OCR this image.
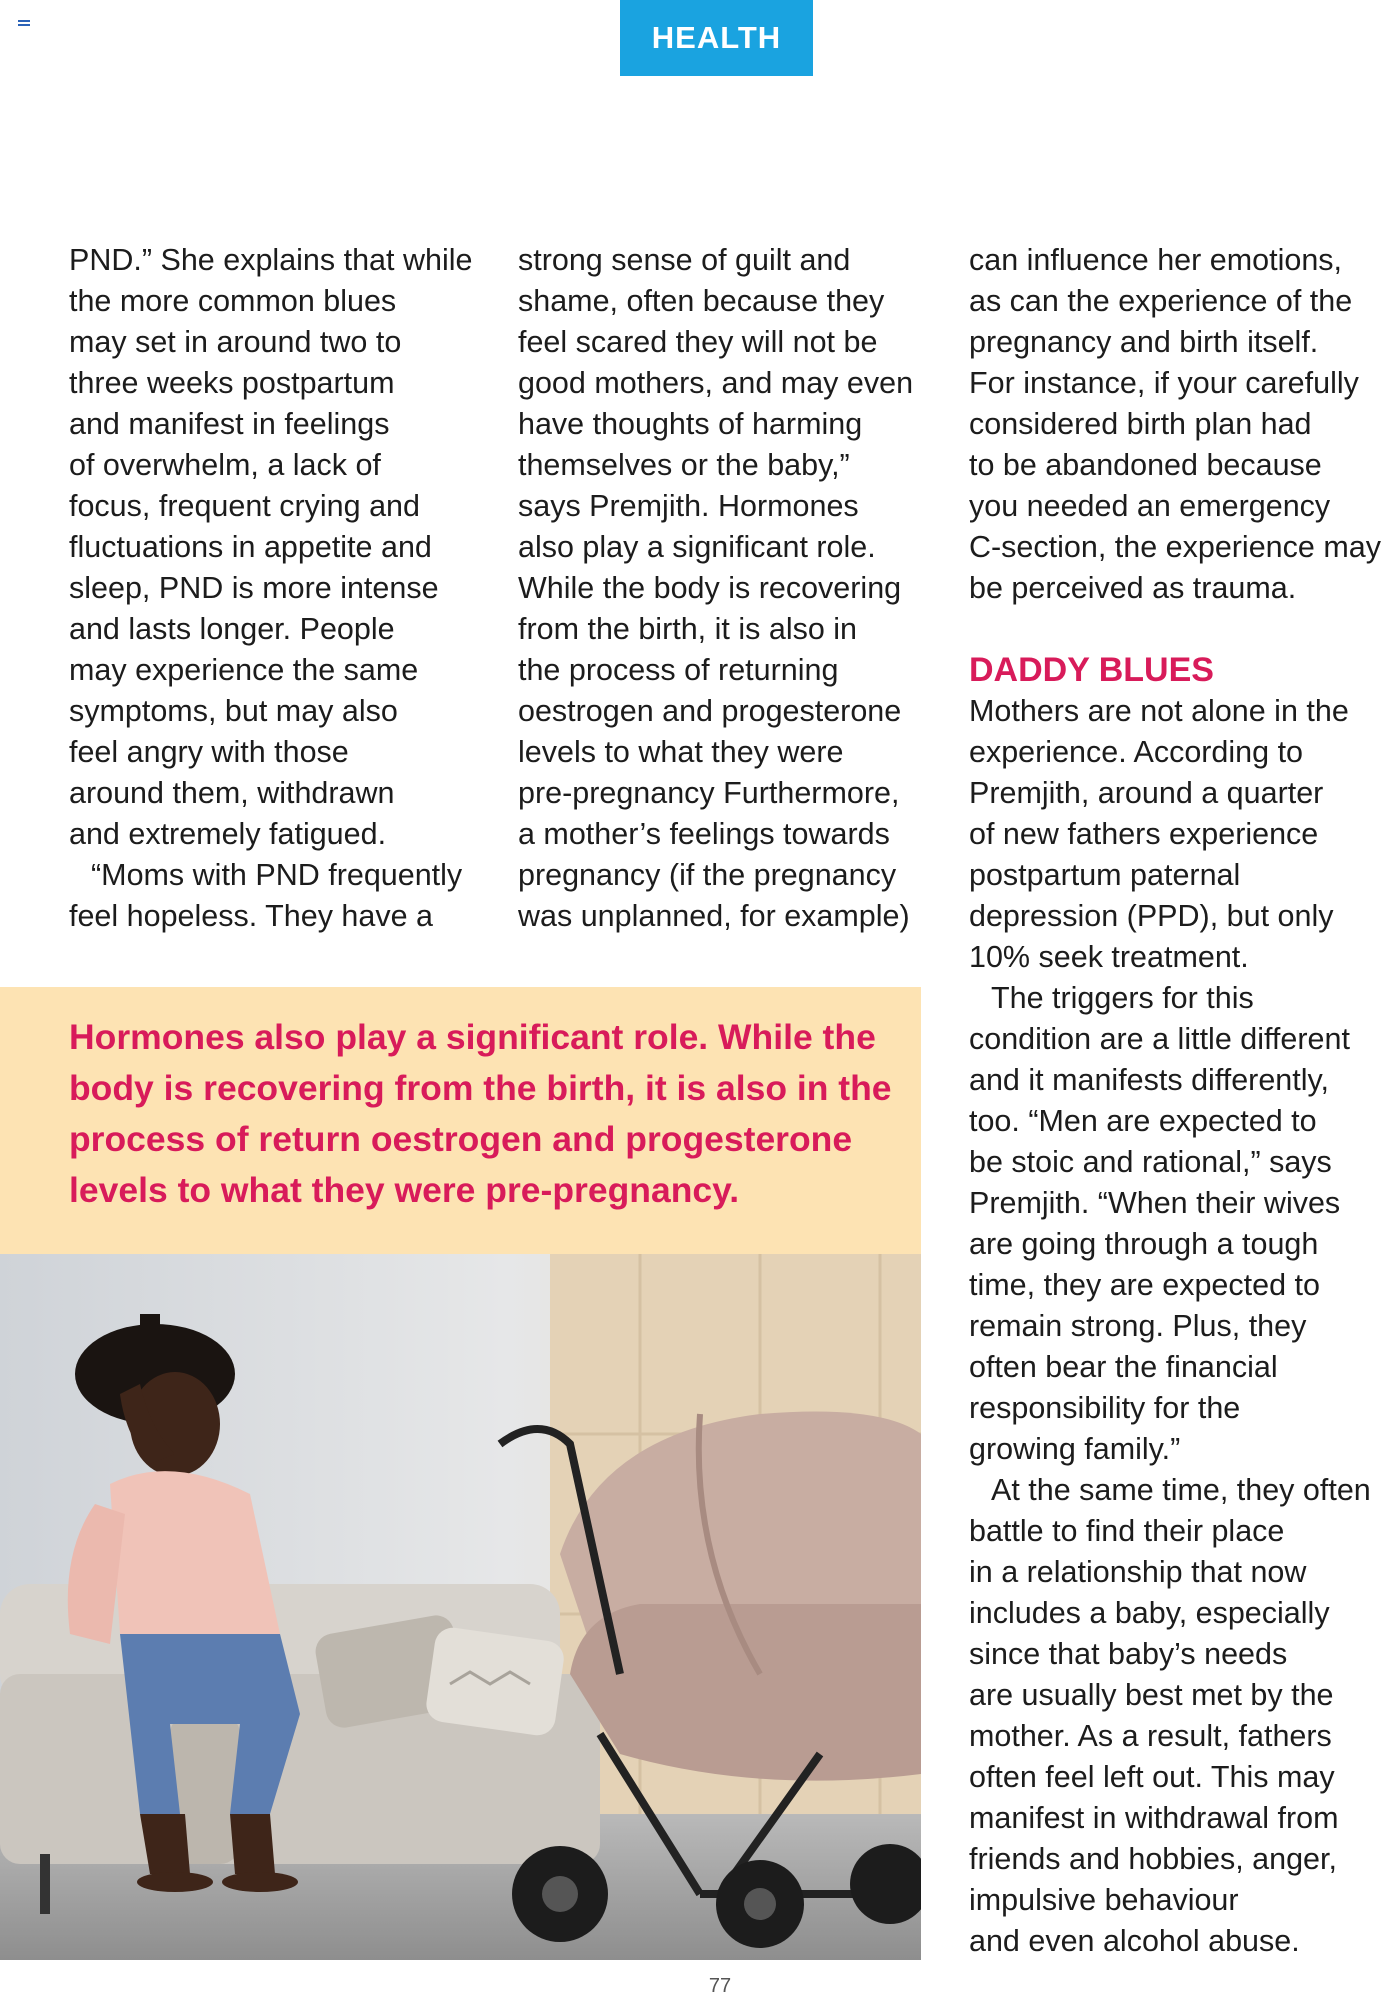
HEALTH

PND.” She explains that while

the more common blues

may set in around two to

three weeks postpartum

and manifest in feelings

of overwhelm, a lack of

focus, frequent crying and

fluctuations in appetite and

sleep, PND is more intense

and lasts longer. People

may experience the same

symptoms, but may also

feel angry with those

around them, withdrawn

and extremely fatigued.

“Moms with PND frequently

feel hopeless. They have a

strong sense of guilt and

shame, often because they

feel scared they will not be

good mothers, and may even

have thoughts of harming

themselves or the baby,”

says Premjith. Hormones

also play a significant role.

While the body is recovering

from the birth, it is also in

the process of returning

oestrogen and progesterone

levels to what they were

pre-pregnancy Furthermore,

a mother’s feelings towards

pregnancy (if the pregnancy

was unplanned, for example)

can influence her emotions,

as can the experience of the

pregnancy and birth itself.

For instance, if your carefully

considered birth plan had

to be abandoned because

you needed an emergency

C-section, the experience may

be perceived as trauma.

DADDY BLUES

Mothers are not alone in the

experience. According to

Premjith, around a quarter

of new fathers experience

postpartum paternal

depression (PPD), but only

10% seek treatment.

The triggers for this

condition are a little different

and it manifests differently,

too. “Men are expected to

be stoic and rational,” says

Premjith. “When their wives

are going through a tough

time, they are expected to

remain strong. Plus, they

often bear the financial

responsibility for the

growing family.”

At the same time, they often

battle to find their place

in a relationship that now

includes a baby, especially

since that baby’s needs

are usually best met by the

mother. As a result, fathers

often feel left out. This may

manifest in withdrawal from

friends and hobbies, anger,

impulsive behaviour

and even alcohol abuse.

Hormones also play a significant role. While the
body is recovering from the birth, it is also in the
process of return oestrogen and progesterone
levels to what they were pre-pregnancy.
77
